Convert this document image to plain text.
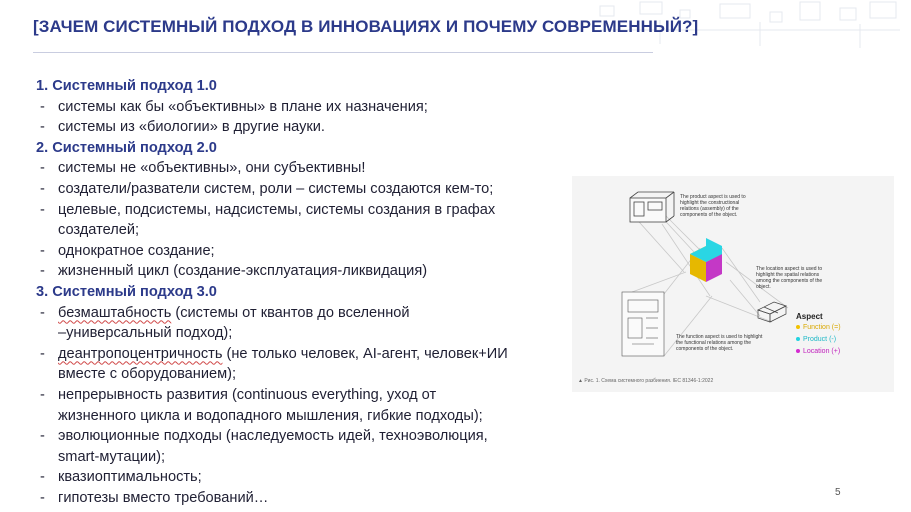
[ЗАЧЕМ СИСТЕМНЫЙ ПОДХОД В ИННОВАЦИЯХ И ПОЧЕМУ СОВРЕМЕННЫЙ?]
1. Системный подход 1.0
- системы как бы «объективны» в плане их назначения;
- системы из «биологии» в другие науки.
2. Системный подход 2.0
- системы не «объективны», они субъективны!
- создатели/разватели систем, роли – системы создаются кем-то;
- целевые, подсистемы, надсистемы, системы создания в графах
создателей;
- однократное создание;
- жизненный цикл (создание-эксплуатация-ликвидация)
3. Системный подход 3.0
- безмаштабность (системы от квантов до вселенной
–универсальный подход);
- деантропоцентричность (не только человек, AI-агент, человек+ИИ
вместе с оборудованием);
- непрерывность развития (continuous everything, уход от
жизненного цикла и водопадного мышления, гибкие подходы);
- эволюционные подходы (наследуемость идей, техноэволюция,
smart-мутации);
- квазиоптимальность;
- гипотезы вместо требований…
The product aspect is used to highlight the constructional relations (assembly) of the components of the object.
The location aspect is used to highlight the spatial relations among the components of the object.
The function aspect is used to highlight the functional relations among the components of the object.
Aspect
Function (=)
Product (-)
Location (+)
▲ Рис. 1. Схема системного разбиения. IEC 81346-1:2022
5
